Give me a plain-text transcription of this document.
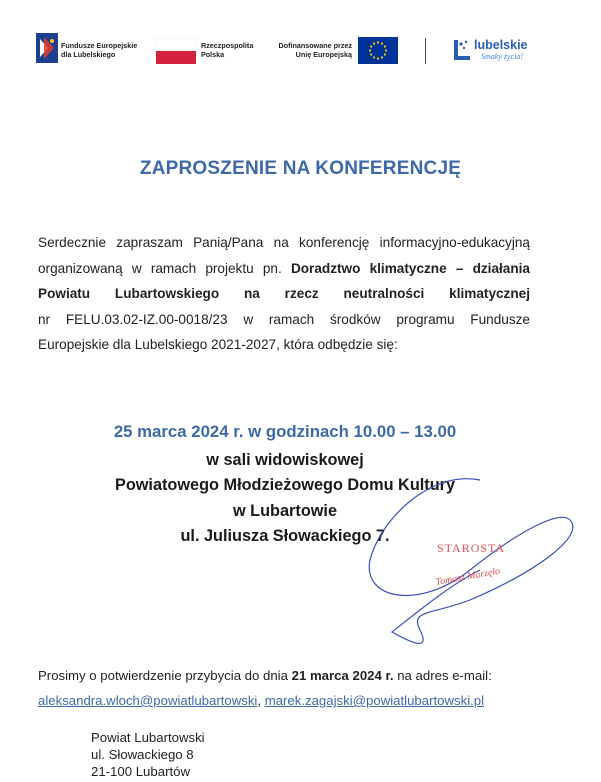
Fundusze Europejskie
dla Lubelskiego
Rzeczpospolita
Polska
Dofinansowane przez
Unię Europejską
lubelskie
Smaky życia!
ZAPROSZENIE NA KONFERENCJĘ
Serdecznie zapraszam Panią/Pana na konferencję informacyjno-edukacyjną
organizowaną w ramach projektu pn. Doradztwo klimatyczne – działania
Powiatu Lubartowskiego na rzecz neutralności klimatycznej
nr FELU.03.02-IZ.00-0018/23 w ramach środków programu Fundusze
Europejskie dla Lubelskiego 2021-2027, która odbędzie się:
25 marca 2024 r. w godzinach 10.00 – 13.00
w sali widowiskowej
Powiatowego Młodzieżowego Domu Kultury
w Lubartowie
ul. Juliusza Słowackiego 7.
STAROSTA
Tomasz Marzęło
Prosimy o potwierdzenie przybycia do dnia 21 marca 2024 r. na adres e-mail:
aleksandra.wloch@powiatlubartowski, marek.zagajski@powiatlubartowski.pl
Powiat Lubartowski
ul. Słowackiego 8
21-100 Lubartów
